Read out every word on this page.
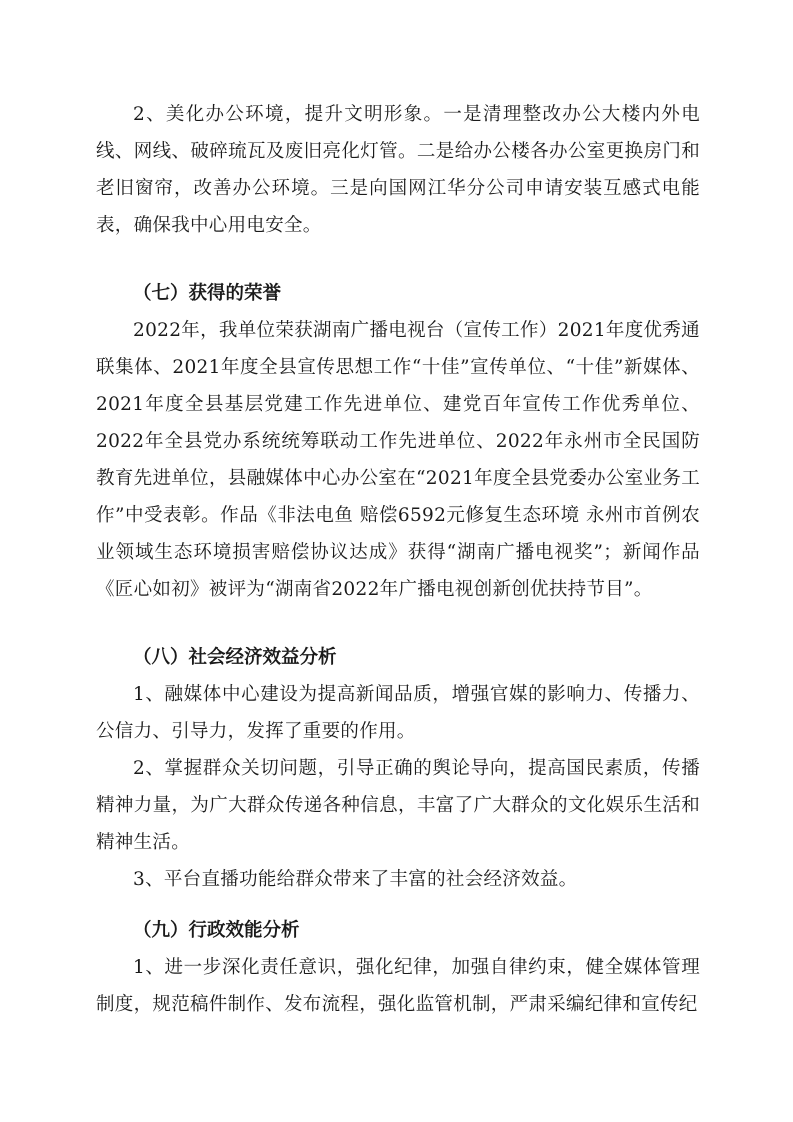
2、美化办公环境，提升文明形象。一是清理整改办公大楼内外电线、网线、破碎琉瓦及废旧亮化灯管。二是给办公楼各办公室更换房门和老旧窗帘，改善办公环境。三是向国网江华分公司申请安装互感式电能表，确保我中心用电安全。

（七）获得的荣誉

2022年，我单位荣获湖南广播电视台（宣传工作）2021年度优秀通联集体、2021年度全县宣传思想工作“十佳”宣传单位、“十佳”新媒体、2021年度全县基层党建工作先进单位、建党百年宣传工作优秀单位、2022年全县党办系统统筹联动工作先进单位、2022年永州市全民国防教育先进单位，县融媒体中心办公室在“2021年度全县党委办公室业务工作”中受表彰。作品《非法电鱼 赔偿6592元修复生态环境 永州市首例农业领域生态环境损害赔偿协议达成》获得“湖南广播电视奖”；新闻作品《匠心如初》被评为“湖南省2022年广播电视创新创优扶持节目”。

（八）社会经济效益分析

1、融媒体中心建设为提高新闻品质，增强官媒的影响力、传播力、公信力、引导力，发挥了重要的作用。

2、掌握群众关切问题，引导正确的舆论导向，提高国民素质，传播精神力量，为广大群众传递各种信息，丰富了广大群众的文化娱乐生活和精神生活。

3、平台直播功能给群众带来了丰富的社会经济效益。

（九）行政效能分析

1、进一步深化责任意识，强化纪律，加强自律约束，健全媒体管理制度，规范稿件制作、发布流程，强化监管机制，严肃采编纪律和宣传纪
